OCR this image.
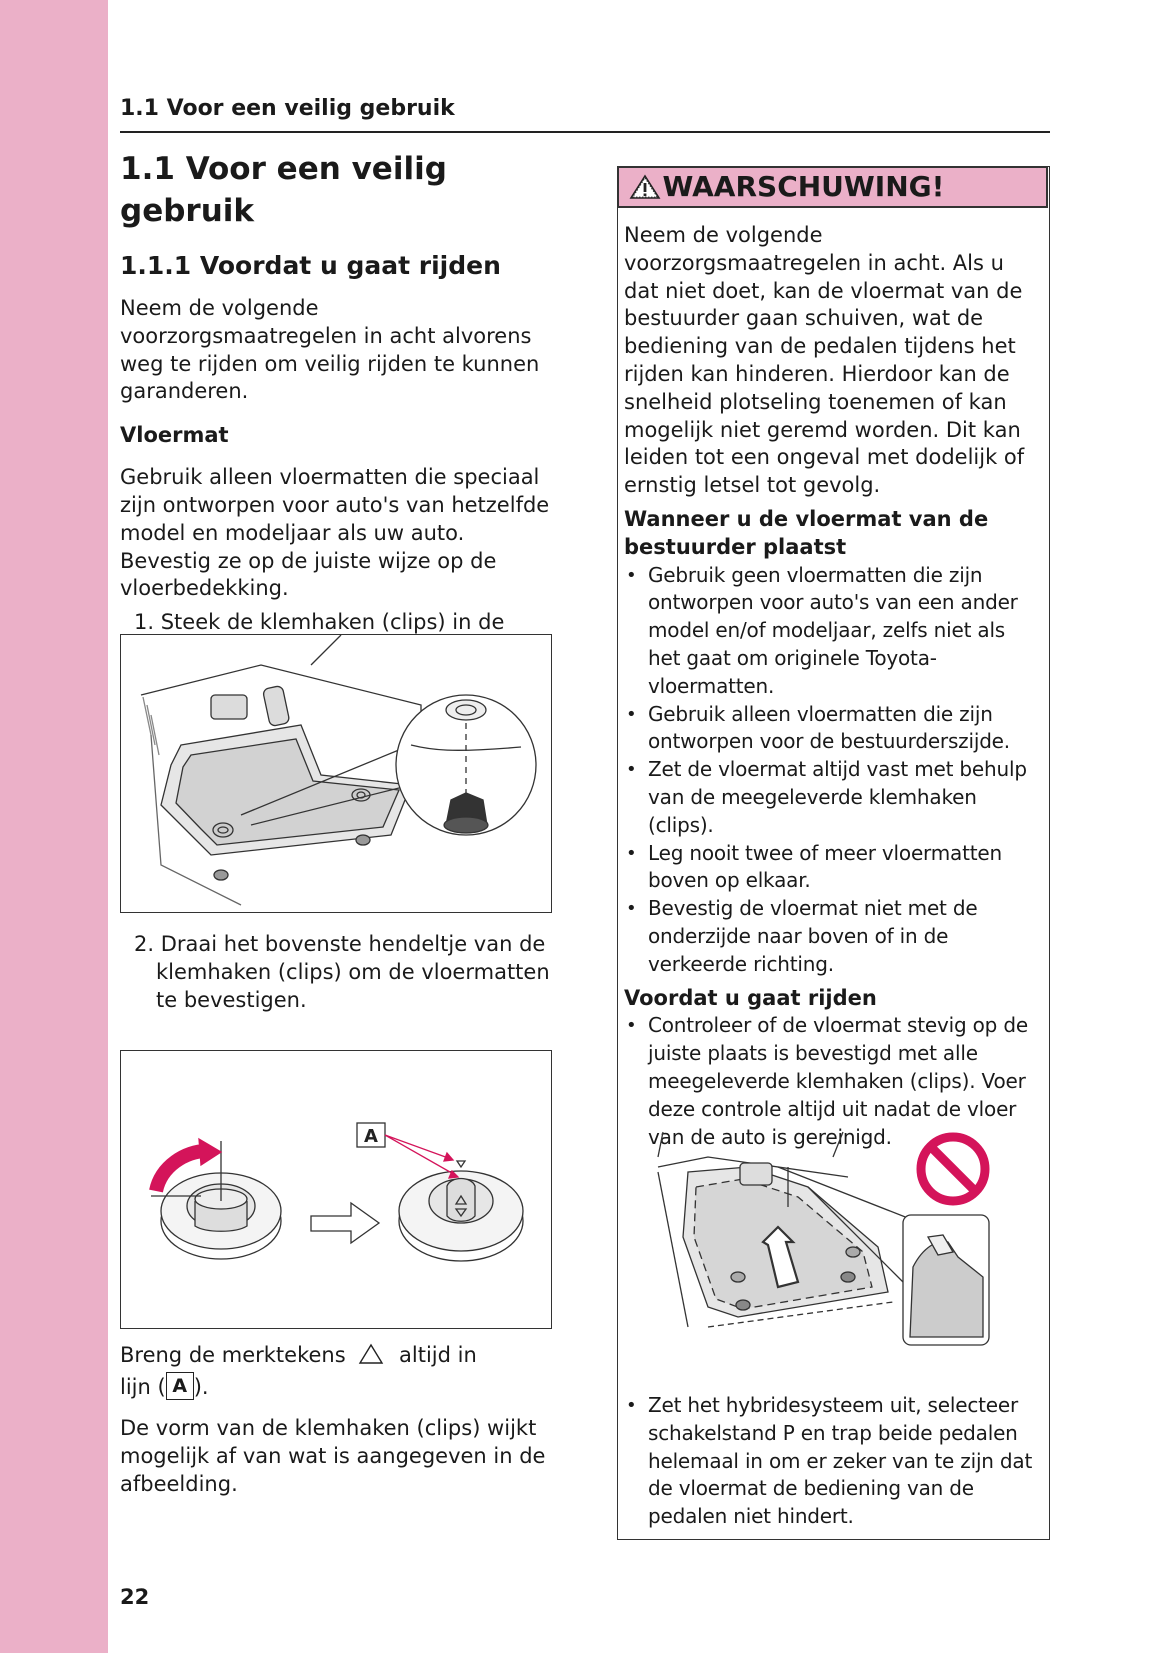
1.1 Voor een veilig gebruik
1.1 Voor een veilig gebruik
1.1.1 Voordat u gaat rijden

Neem de volgende voorzorgsmaatregelen in acht alvorens weg te rijden om veilig rijden te kunnen garanderen.

Vloermat

Gebruik alleen vloermatten die speciaal zijn ontworpen voor auto's van hetzelfde model en modeljaar als uw auto. Bevestig ze op de juiste wijze op de vloerbedekking.

1. Steek de klemhaken (clips) in de
2. Draai het bovenste hendeltje van de klemhaken (clips) om de vloermatten te bevestigen.
A
Breng de merktekens	altijd in
lijn ( A ).

De vorm van de klemhaken (clips) wijkt mogelijk af van wat is aangegeven in de afbeelding.

22
WAARSCHUWING!

Neem de volgende voorzorgsmaatregelen in acht. Als u dat niet doet, kan de vloermat van de bestuurder gaan schuiven, wat de bediening van de pedalen tijdens het rijden kan hinderen. Hierdoor kan de snelheid plotseling toenemen of kan mogelijk niet geremd worden. Dit kan leiden tot een ongeval met dodelijk of ernstig letsel tot gevolg.

Wanneer u de vloermat van de bestuurder plaatst
• Gebruik geen vloermatten die zijn ontworpen voor auto's van een ander model en/of modeljaar, zelfs niet als het gaat om originele Toyota-vloermatten.
• Gebruik alleen vloermatten die zijn ontworpen voor de bestuurderszijde.
• Zet de vloermat altijd vast met behulp van de meegeleverde klemhaken (clips).
• Leg nooit twee of meer vloermatten boven op elkaar.
• Bevestig de vloermat niet met de onderzijde naar boven of in de verkeerde richting.
Voordat u gaat rijden
• Controleer of de vloermat stevig op de juiste plaats is bevestigd met alle meegeleverde klemhaken (clips). Voer deze controle altijd uit nadat de vloer van de auto is gereinigd.
• Zet het hybridesysteem uit, selecteer schakelstand P en trap beide pedalen helemaal in om er zeker van te zijn dat de vloermat de bediening van de pedalen niet hindert.
